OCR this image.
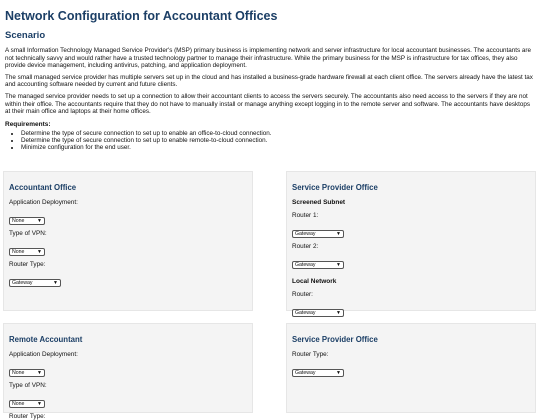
Network Configuration for Accountant Offices
Scenario

A small Information Technology Managed Service Provider's (MSP) primary business is implementing network and server infrastructure for local accountant businesses. The accountants are not technically savvy and would rather have a trusted technology partner to manage their infrastructure. While the primary business for the MSP is infrastructure for tax offices, they also provide device management, including antivirus, patching, and application deployment.

The small managed service provider has multiple servers set up in the cloud and has installed a business-grade hardware firewall at each client office. The servers already have the latest tax and accounting software needed by current and future clients.

The managed service provider needs to set up a connection to allow their accountant clients to access the servers securely. The accountants also need access to the servers if they are not within their office. The accountants require that they do not have to manually install or manage anything except logging in to the remote server and software. The accountants have desktops at their main office and laptops at their home offices.

Requirements:
• Determine the type of secure connection to set up to enable an office-to-cloud connection.
• Determine the type of secure connection to set up to enable remote-to-cloud connection.
• Minimize configuration for the end user.
Accountant Office
Application Deployment:
None	▼
Type of VPN:
None	▼
Router Type:
Gateway	▼
Service Provider Office
Screened Subnet
Router 1:
Gateway	▼
Router 2:
Gateway	▼
Local Network
Router:
Gateway	▼
Remote Accountant
Application Deployment:
None	▼
Type of VPN:
None	▼
Router Type:
Service Provider Office
Router Type:
Gateway	▼
